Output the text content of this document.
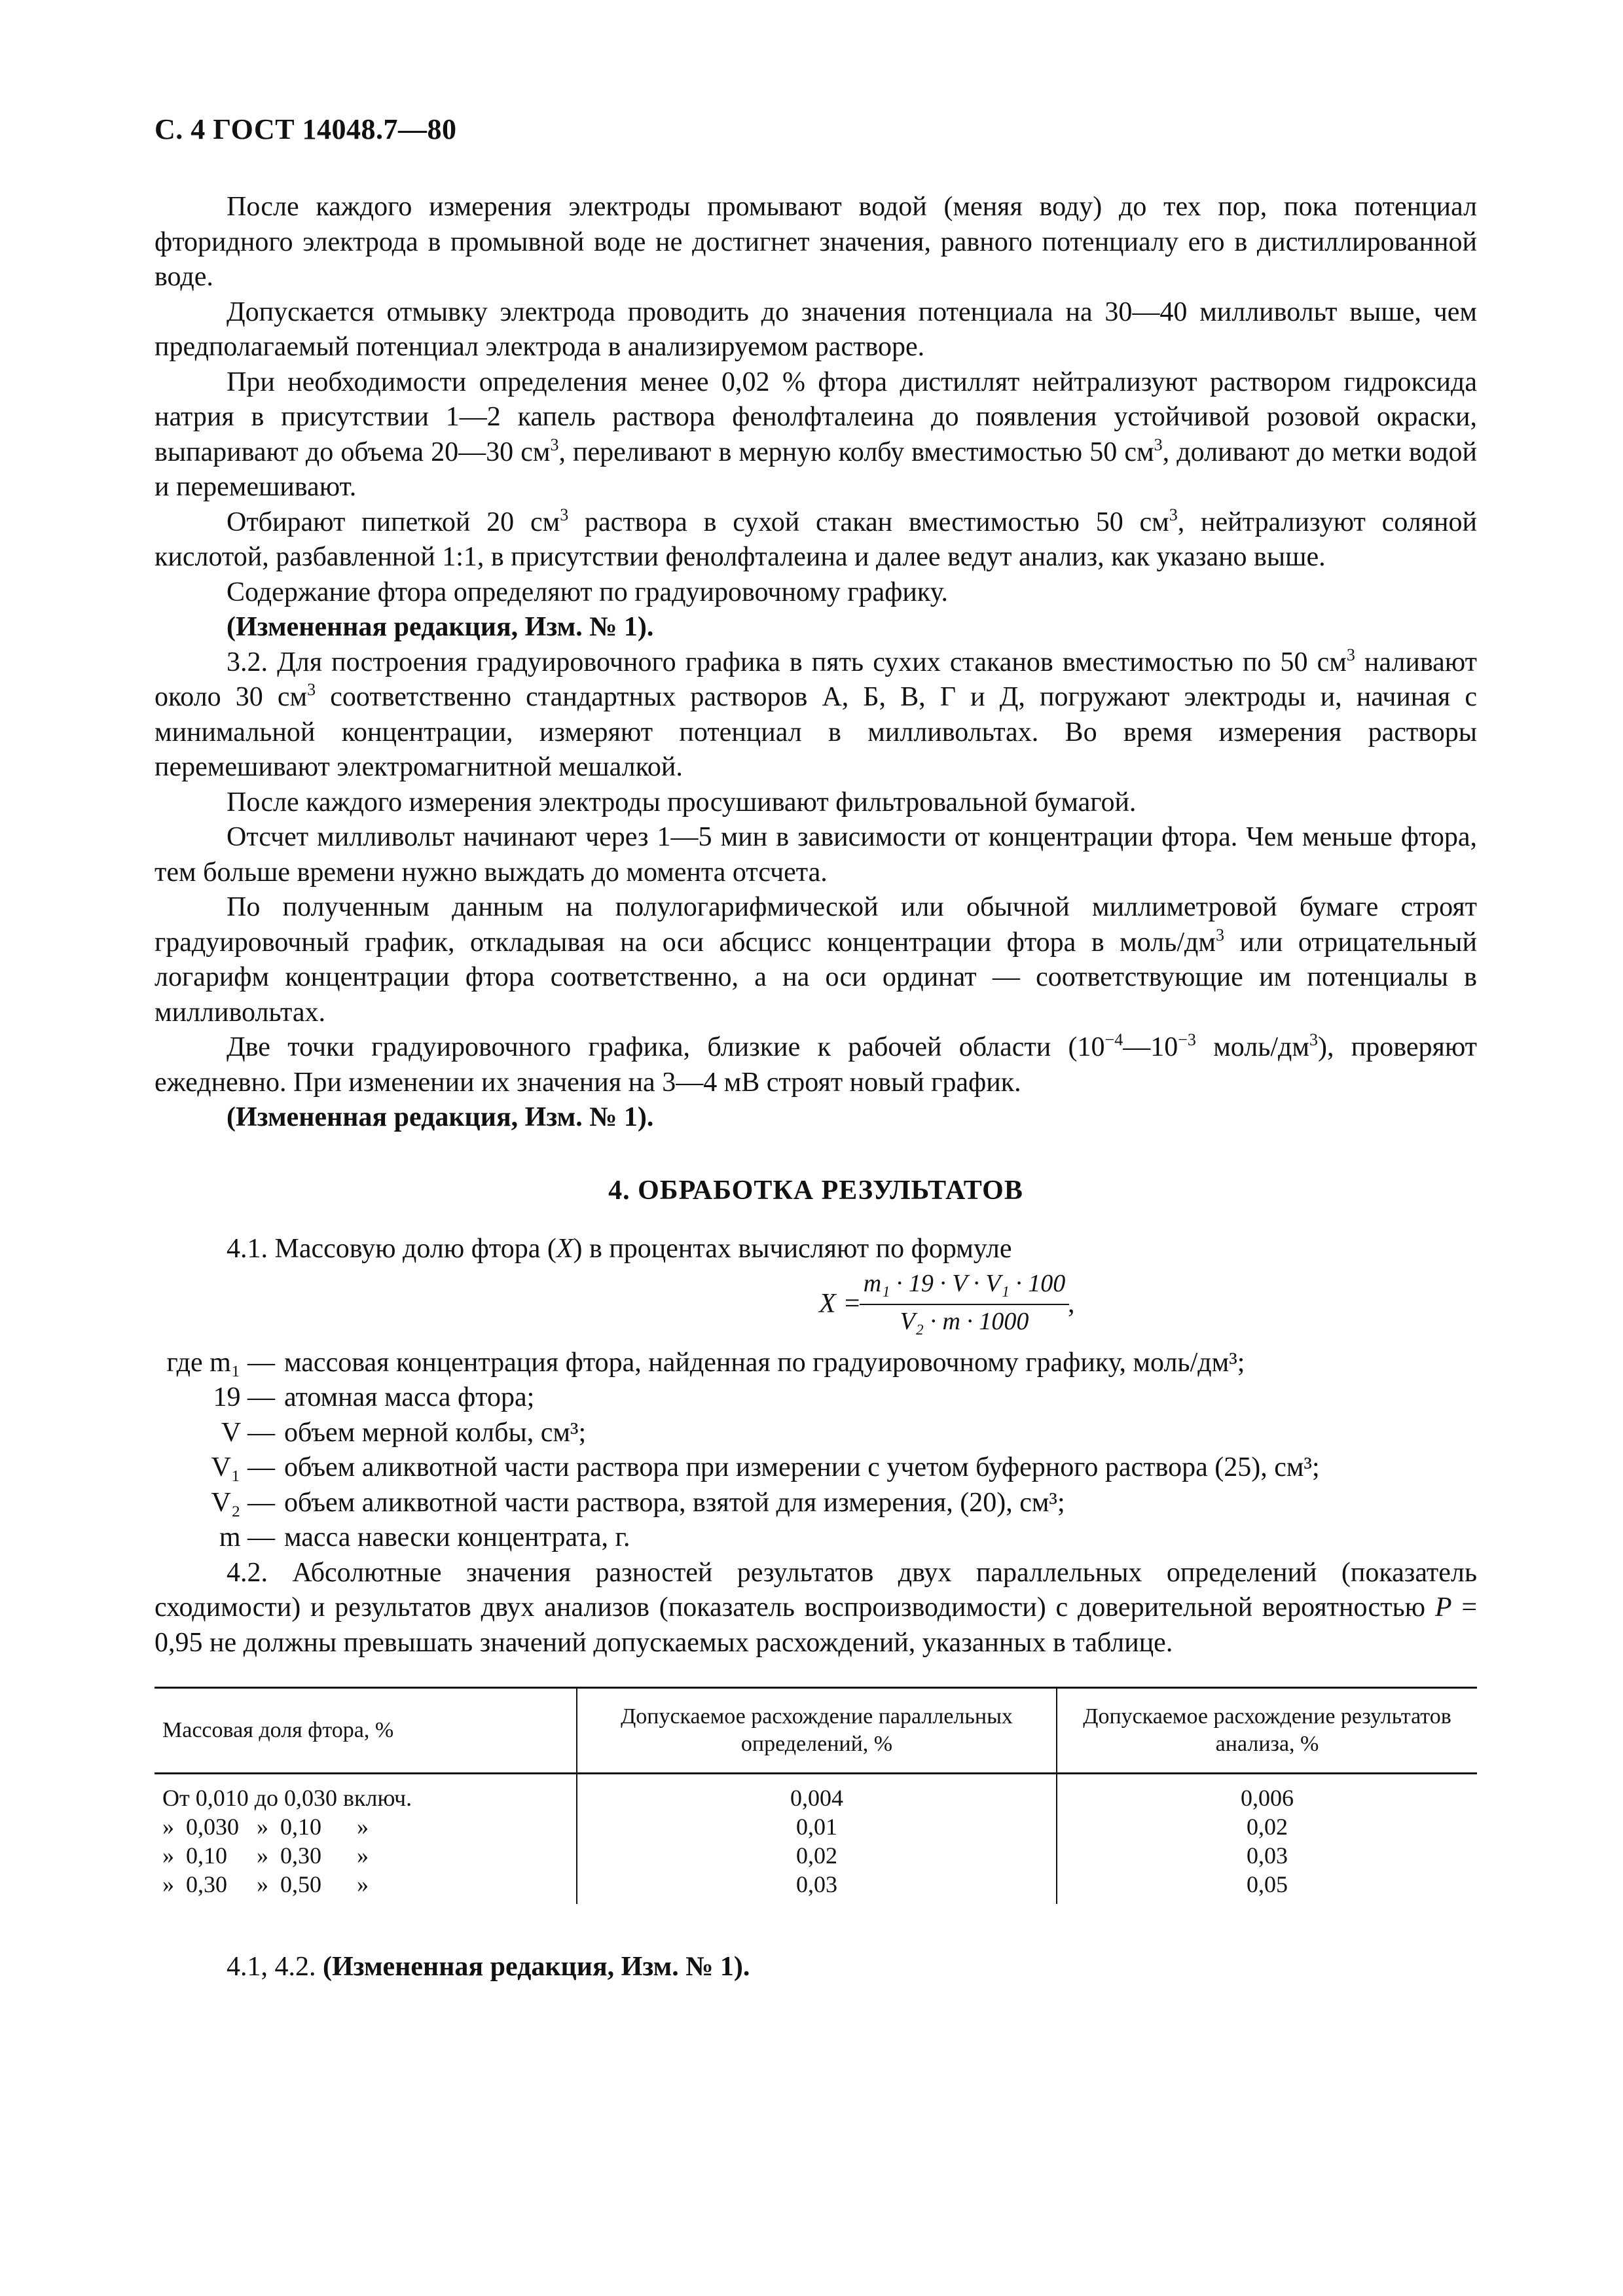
С. 4 ГОСТ 14048.7—80

После каждого измерения электроды промывают водой (меняя воду) до тех пор, пока потенциал фторидного электрода в промывной воде не достигнет значения, равного потенциалу его в дистиллированной воде.

Допускается отмывку электрода проводить до значения потенциала на 30—40 милливольт выше, чем предполагаемый потенциал электрода в анализируемом растворе.

При необходимости определения менее 0,02 % фтора дистиллят нейтрализуют раствором гидроксида натрия в присутствии 1—2 капель раствора фенолфталеина до появления устойчивой розовой окраски, выпаривают до объема 20—30 $см^3$, переливают в мерную колбу вместимостью 50 $см^3$, доливают до метки водой и перемешивают.

Отбирают пипеткой 20 $см^3$ раствора в сухой стакан вместимостью 50 $см^3$, нейтрализуют соляной кислотой, разбавленной 1:1, в присутствии фенолфталеина и далее ведут анализ, как указано выше.

Содержание фтора определяют по градуировочному графику.

(Измененная редакция, Изм. № 1).

3.2. Для построения градуировочного графика в пять сухих стаканов вместимостью по 50 $см^3$ наливают около 30 $см^3$ соответственно стандартных растворов А, Б, В, Г и Д, погружают электроды и, начиная с минимальной концентрации, измеряют потенциал в милливольтах. Во время измерения растворы перемешивают электромагнитной мешалкой.

После каждого измерения электроды просушивают фильтровальной бумагой.

Отсчет милливольт начинают через 1—5 мин в зависимости от концентрации фтора. Чем меньше фтора, тем больше времени нужно выждать до момента отсчета.

По полученным данным на полулогарифмической или обычной миллиметровой бумаге строят градуировочный график, откладывая на оси абсцисс концентрации фтора в моль/$дм^3$ или отрицательный логарифм концентрации фтора соответственно, а на оси ординат — соответствующие им потенциалы в милливольтах.

Две точки градуировочного графика, близкие к рабочей области ($10^{-4}—10^{-3}$ моль/$дм^3$), проверяют ежедневно. При изменении их значения на 3—4 мВ строят новый график.

(Измененная редакция, Изм. № 1).

4. ОБРАБОТКА РЕЗУЛЬТАТОВ

4.1. Массовую долю фтора (X) в процентах вычисляют по формуле

X =
$\frac{\text{m₁ · 19 · V · V₁ · 100}}{\text{V₂ · m · 1000}}$
,
где m₁ — массовая концентрация фтора, найденная по градуировочному графику, моль/дм³;
19 — атомная масса фтора;
V — объем мерной колбы, см³;
V₁ — объем аликвотной части раствора при измерении с учетом буферного раствора (25), см³;
V₂ — объем аликвотной части раствора, взятой для измерения, (20), см³;
m — масса навески концентрата, г.

4.2. Абсолютные значения разностей результатов двух параллельных определений (показатель сходимости) и результатов двух анализов (показатель воспроизводимости) с доверительной вероятностью P = 0,95 не должны превышать значений допускаемых расхождений, указанных в таблице.

Массовая доля фтора, %	Допускаемое расхождение параллельных определений, %	Допускаемое расхождение результатов анализа, %
От 0,010 до 0,030 включ.	0,004	0,006
»  0,030   »  0,10      »	0,01	0,02
»  0,10     »  0,30      »	0,02	0,03
»  0,30     »  0,50      »	0,03	0,05
4.1, 4.2. (Измененная редакция, Изм. № 1).
